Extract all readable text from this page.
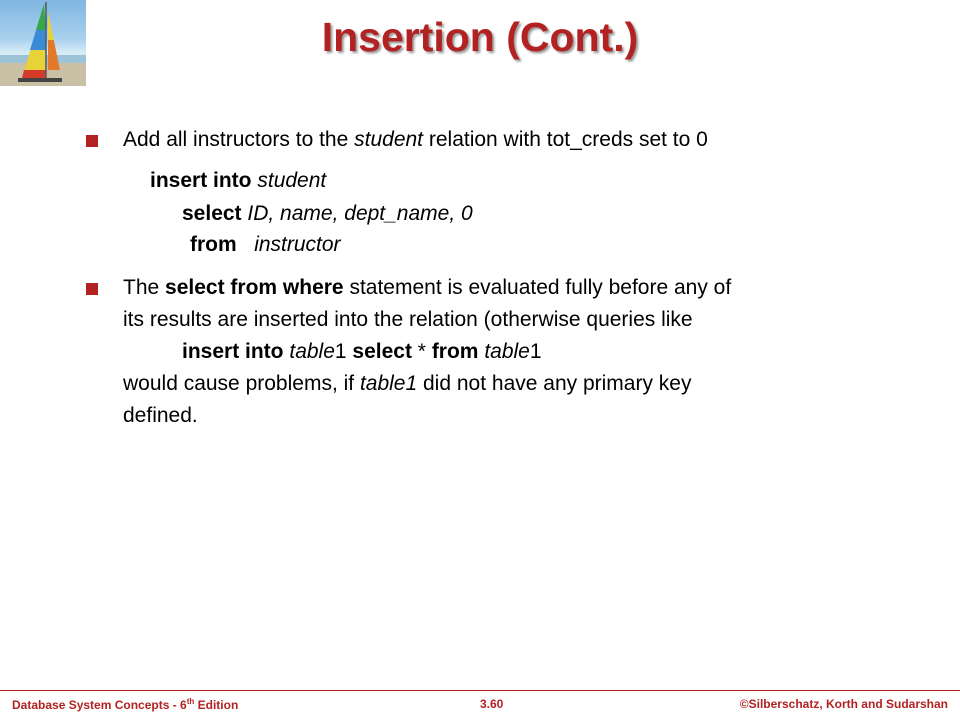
Insertion (Cont.)
Add all instructors to the student relation with tot_creds set to 0
insert into student
select ID, name, dept_name, 0
from instructor
The select from where statement is evaluated fully before any of
its results are inserted into the relation (otherwise queries like
insert into table1 select * from table1
would cause problems, if table1 did not have any primary key
defined.
Database System Concepts - 6th Edition	3.60	©Silberschatz, Korth and Sudarshan
